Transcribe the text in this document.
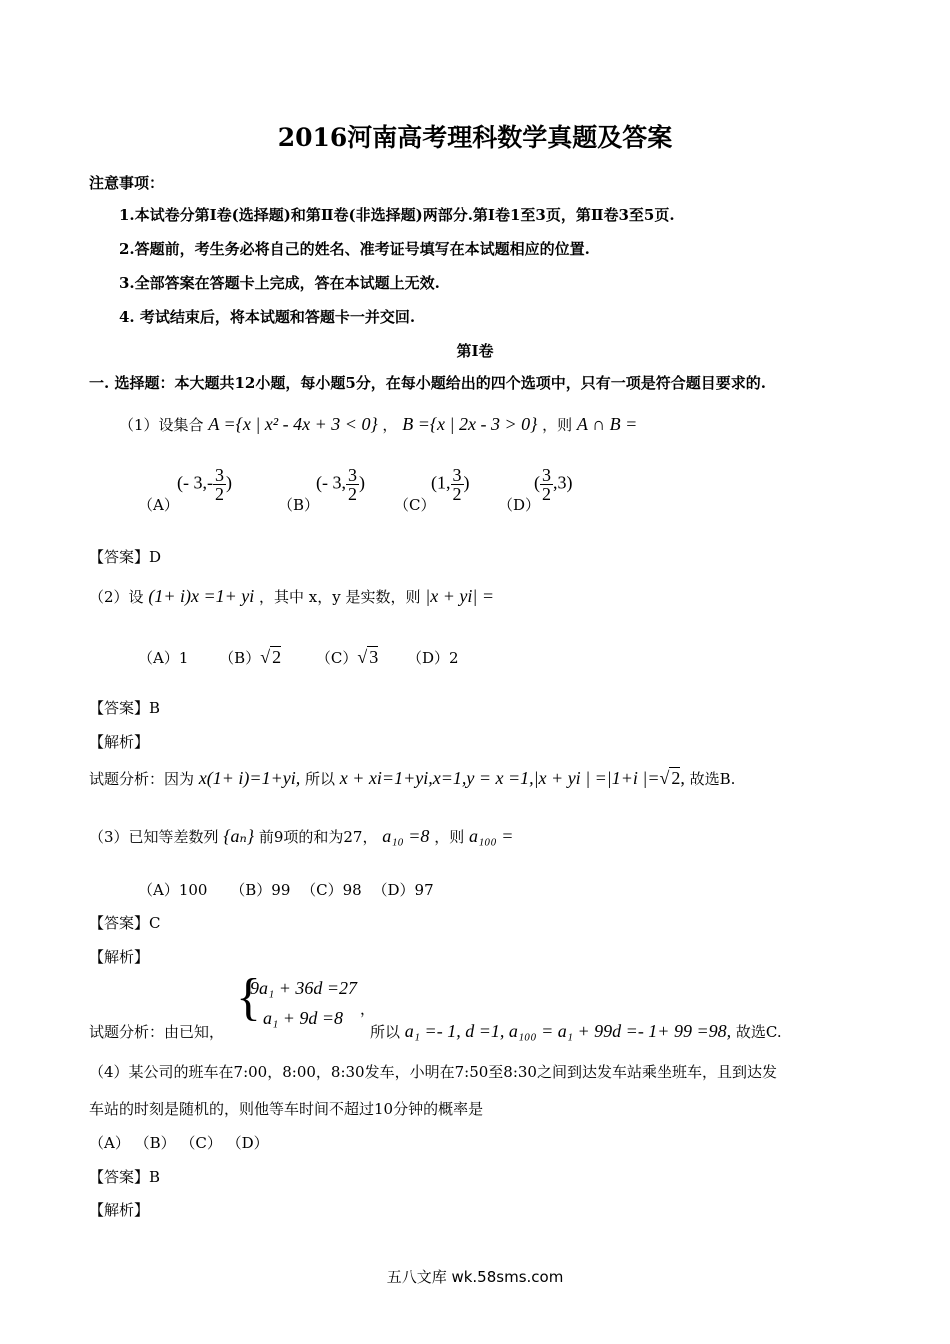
2016河南高考理科数学真题及答案
注意事项：
1.本试卷分第Ⅰ卷(选择题)和第Ⅱ卷(非选择题)两部分.第Ⅰ卷1至3页，第Ⅱ卷3至5页.
2.答题前，考生务必将自己的姓名、准考证号填写在本试题相应的位置.
3.全部答案在答题卡上完成，答在本试题上无效.
4. 考试结束后，将本试题和答题卡一并交回.
第Ⅰ卷
一. 选择题：本大题共12小题，每小题5分，在每小题给出的四个选项中，只有一项是符合题目要求的.
（1）设集合 A ={x | x² - 4x + 3 < 0} ， B ={x | 2x - 3 > 0} ，则 A ∩ B =
（A）
(- $3,- \frac{3}{2}$ )
（B）
(- 3, $\frac{3}{2}$ )
（C）
(1, $\frac{3}{2}$ )
（D）
( $\frac{3}{2} ,3$)
【答案】D
（2）设 (1+ i)x =1+ yi ，其中 x，y 是实数，则 |x + yi| =
（A）1 （B）√ 2 （C）√ 3 （D）2
【答案】B
【解析】
试题分析：因为 x(1+ i)=1+yi, 所以 x + xi=1+yi,x=1,y = x =1,|x + yi | =|1+i |=√ 2, 故选B.
（3）已知等差数列 {aₙ} 前9项的和为27， a₁₀ =8 ，则 a₁₀₀ =
（A）100 （B）99 （C）98 （D）97
【答案】C
【解析】
试题分析：由已知，
{
9a₁ + 36d =27
a₁ + 9d =8 ，
所以 a₁ =- 1, d =1, a₁₀₀ = a₁ + 99d =- 1+ 99 =98, 故选C.
（4）某公司的班车在7:00，8:00，8:30发车，小明在7:50至8:30之间到达发车站乘坐班车，且到达发
车站的时刻是随机的，则他等车时间不超过10分钟的概率是
（A） （B） （C） （D）
【答案】B
【解析】
五八文库 wk.58sms.com
